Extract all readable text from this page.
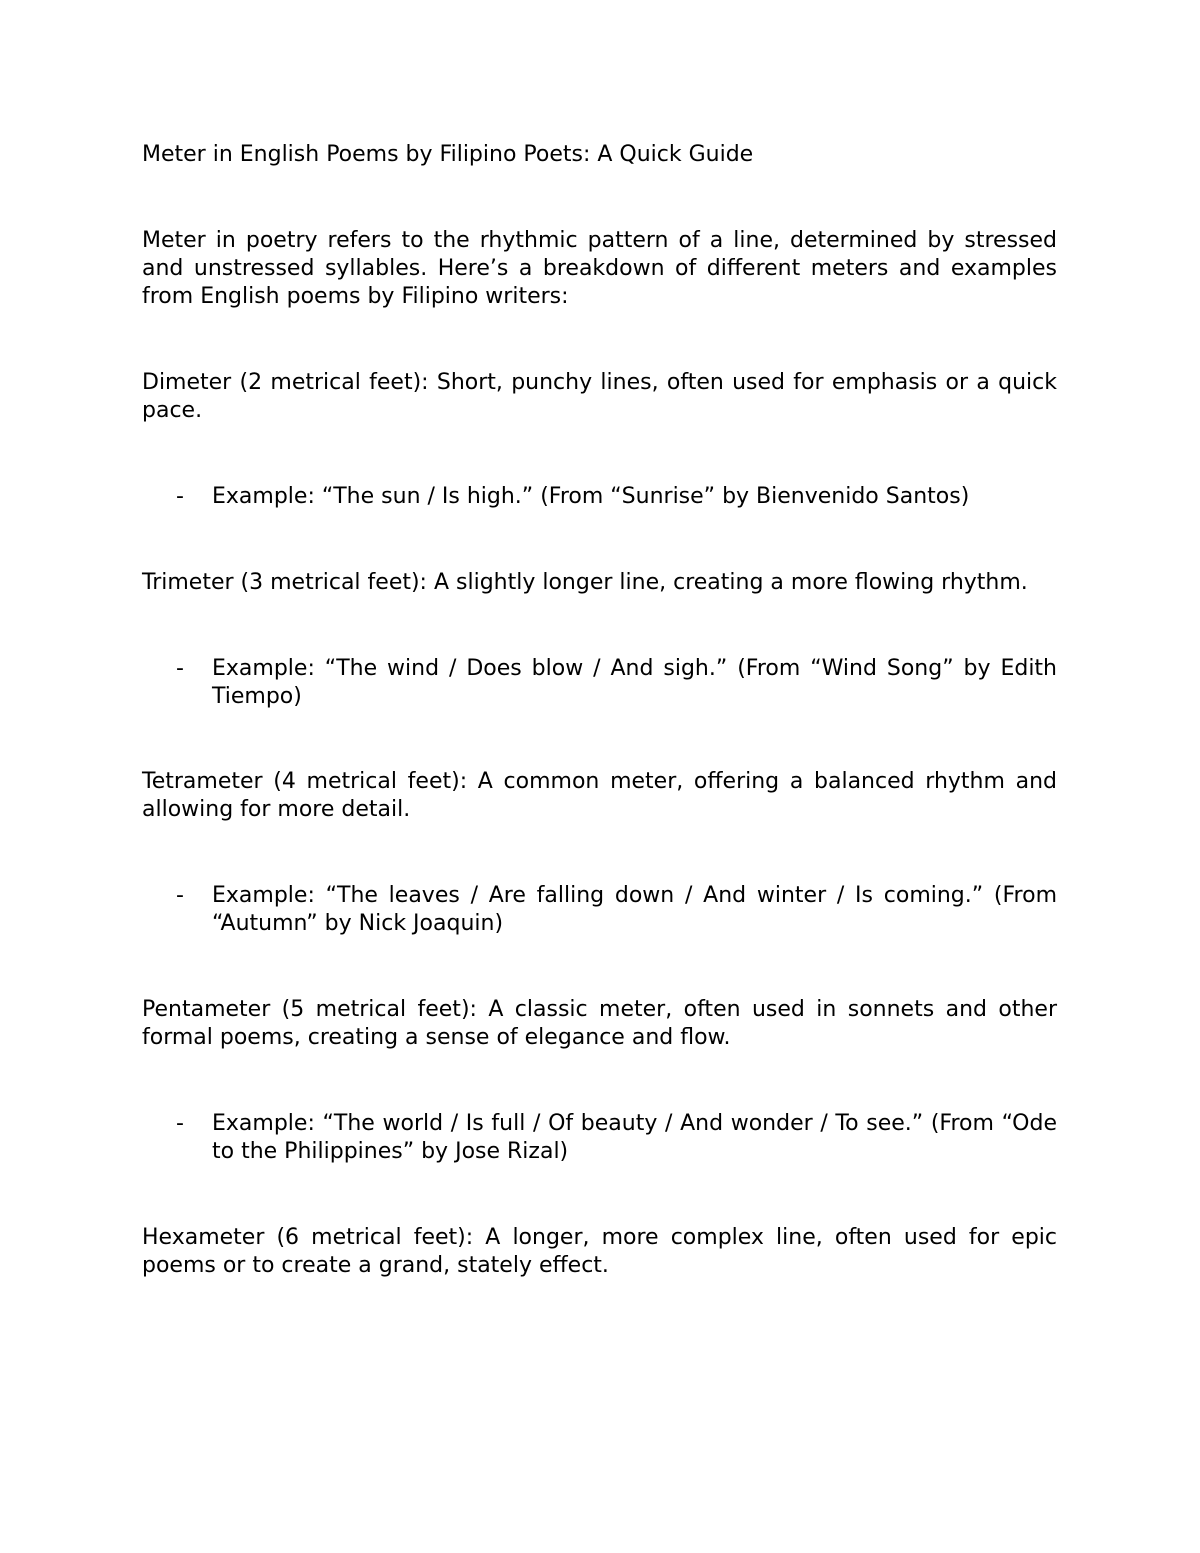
Meter in English Poems by Filipino Poets: A Quick Guide

Meter in poetry refers to the rhythmic pattern of a line, determined by stressed and unstressed syllables. Here’s a breakdown of different meters and examples from English poems by Filipino writers:

Dimeter (2 metrical feet): Short, punchy lines, often used for emphasis or a quick pace.

- Example: “The sun / Is high.” (From “Sunrise” by Bienvenido Santos)

Trimeter (3 metrical feet): A slightly longer line, creating a more flowing rhythm.

- Example: “The wind / Does blow / And sigh.” (From “Wind Song” by Edith Tiempo)

Tetrameter (4 metrical feet): A common meter, offering a balanced rhythm and allowing for more detail.

- Example: “The leaves / Are falling down / And winter / Is coming.” (From “Autumn” by Nick Joaquin)

Pentameter (5 metrical feet): A classic meter, often used in sonnets and other formal poems, creating a sense of elegance and flow.

- Example: “The world / Is full / Of beauty / And wonder / To see.” (From “Ode to the Philippines” by Jose Rizal)

Hexameter (6 metrical feet): A longer, more complex line, often used for epic poems or to create a grand, stately effect.
